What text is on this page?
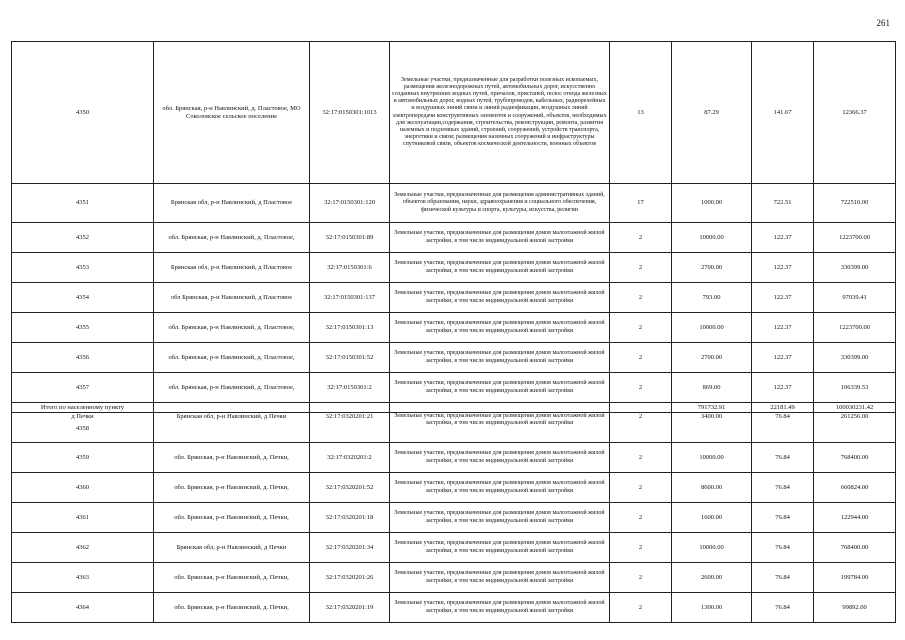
261
4350	обл. Брянская, р-н Навлинский, д. Пластовое, МО Соколовское сельское поселение	32:17:0150301:1013	Земельные участки, предназначенные для разработки полезных ископаемых, размещения железнодорожных путей, автомобильных дорог, искусственно созданных внутренних водных путей, причалов, пристаней, полос отвода железных и автомобильных дорог, водных путей, трубопроводов, кабельных, радиорелейных и воздушных линий связи и линий радиофикации, воздушных линий электропередачи конструктивных элементов и сооружений, объектов, необходимых для эксплуатации,содержания, строительства, реконструкции, ремонта, развития наземных и подземных зданий, строений, сооружений, устройств транспорта, энергетики и связи; размещения наземных сооружений и инфраструктуры спутниковой связи, объектов космической деятельности, военных объектов	13	87.29	141.67	12366.37
4351	Брянская обл, р-н Навлинский, д Пластовое	32:17:0150301:120	Земельные участки, предназначенные для размещения административных зданий, объектов образования, науки, здравоохранения и социального обеспечения, физической культуры и спорта, культуры, искусства, религии	17	1000.00	722.51	722510.00
4352	обл. Брянская, р-н Навлинский, д. Пластовое,	32:17:0150301:89	Земельные участки, предназначенные для размещения домов малоэтажной жилой застройки, в том числе индивидуальной жилой застройки	2	10000.00	122.37	1223700.00
4353	Брянская обл, р-н Навлинский, д Пластовое	32:17:0150301:6	Земельные участки, предназначенные для размещения домов малоэтажной жилой застройки, в том числе индивидуальной жилой застройки	2	2700.00	122.37	330399.00
4354	обл Брянская, р-н Навлинский, д Пластовое	32:17:0150301:137	Земельные участки, предназначенные для размещения домов малоэтажной жилой застройки, в том числе индивидуальной жилой застройки	2	793.00	122.37	97039.41
4355	обл. Брянская, р-н Навлинский, д. Пластовое,	32:17:0150301:13	Земельные участки, предназначенные для размещения домов малоэтажной жилой застройки, в том числе индивидуальной жилой застройки	2	10000.00	122.37	1223700.00
4356	обл. Брянская, р-н Навлинский, д. Пластовое,	32:17:0150301:52	Земельные участки, предназначенные для размещения домов малоэтажной жилой застройки, в том числе индивидуальной жилой застройки	2	2700.00	122.37	330399.00
4357	обл. Брянская, р-н Навлинский, д. Пластовое,	32:17:0150301:2	Земельные участки, предназначенные для размещения домов малоэтажной жилой застройки, в том числе индивидуальной жилой застройки	2	869.00	122.37	106339.53
Итого по населенному пункту					791732.91	22181.49	100030231.42

д Печки
4358	Брянская обл, р-н Навлинский, д Печки	32:17:0320201:21	Земельные участки, предназначенные для размещения домов малоэтажной жилой застройки, в том числе индивидуальной жилой застройки	2	3400.00	76.84	261256.00
4359	обл. Брянская, р-н Навлинский, д. Печки,	32:17:0320201:2	Земельные участки, предназначенные для размещения домов малоэтажной жилой застройки, в том числе индивидуальной жилой застройки	2	10000.00	76.84	768400.00
4360	обл. Брянская, р-н Навлинский, д. Печки,	32:17:0320201:52	Земельные участки, предназначенные для размещения домов малоэтажной жилой застройки, в том числе индивидуальной жилой застройки	2	8600.00	76.84	660824.00
4361	обл. Брянская, р-н Навлинский, д. Печки,	32:17:0320201:18	Земельные участки, предназначенные для размещения домов малоэтажной жилой застройки, в том числе индивидуальной жилой застройки	2	1600.00	76.84	122944.00
4362	Брянская обл, р-н Навлинский, д Печки	32:17:0320201:34	Земельные участки, предназначенные для размещения домов малоэтажной жилой застройки, в том числе индивидуальной жилой застройки	2	10000.00	76.84	768400.00
4363	обл. Брянская, р-н Навлинский, д. Печки,	32:17:0320201:26	Земельные участки, предназначенные для размещения домов малоэтажной жилой застройки, в том числе индивидуальной жилой застройки	2	2600.00	76.84	199784.00
4364	обл. Брянская, р-н Навлинский, д. Печки,	32:17:0320201:19	Земельные участки, предназначенные для размещения домов малоэтажной жилой застройки, в том числе индивидуальной жилой застройки	2	1300.00	76.84	99892.00
